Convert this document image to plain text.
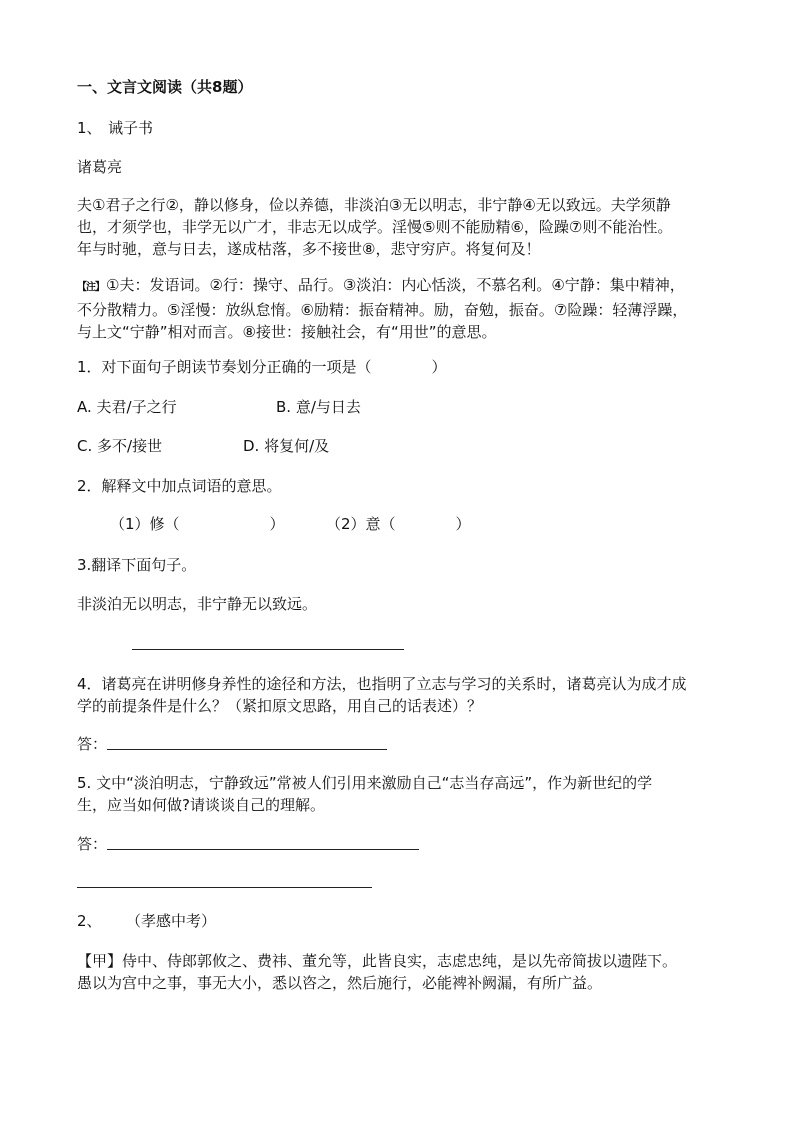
一、文言文阅读（共8题）

1、 诫子书

诸葛亮

夫①君子之行②，静以修身，俭以养德，非淡泊③无以明志，非宁静④无以致远。夫学须静
也，才须学也，非学无以广才，非志无以成学。淫慢⑤则不能励精⑥，险躁⑦则不能治性。
年与时驰，意与日去，遂成枯落，多不接世⑧，悲守穷庐。将复何及！
【注】 ①夫：发语词。②行：操守、品行。③淡泊：内心恬淡，不慕名利。④宁静：集中精神，
不分散精力。⑤淫慢：放纵怠惰。⑥励精：振奋精神。励，奋勉，振奋。⑦险躁：轻薄浮躁，
与上文“宁静”相对而言。⑧接世：接触社会，有“用世”的意思。

1．对下面句子朗读节奏划分正确的一项是（　　　　）

A. 夫君/子之行	B. 意/与日去

C. 多不/接世	D. 将复何/及

2．解释文中加点词语的意思。

（1）修（　　　　　　）	（2）意（　　　　）

3.翻译下面句子。

非淡泊无以明志，非宁静无以致远。

4．诸葛亮在讲明修身养性的途径和方法，也指明了立志与学习的关系时，诸葛亮认为成才成
学的前提条件是什么？（紧扣原文思路，用自己的话表述）？

答：

5. 文中“淡泊明志，宁静致远”常被人们引用来激励自己“志当存高远”，作为新世纪的学
生，应当如何做?请谈谈自己的理解。

答：

2、 （孝感中考）

【甲】侍中、侍郎郭攸之、费祎、董允等，此皆良实，志虑忠纯，是以先帝简拔以遗陛下。
愚以为宫中之事，事无大小，悉以咨之，然后施行，必能裨补阙漏，有所广益。
